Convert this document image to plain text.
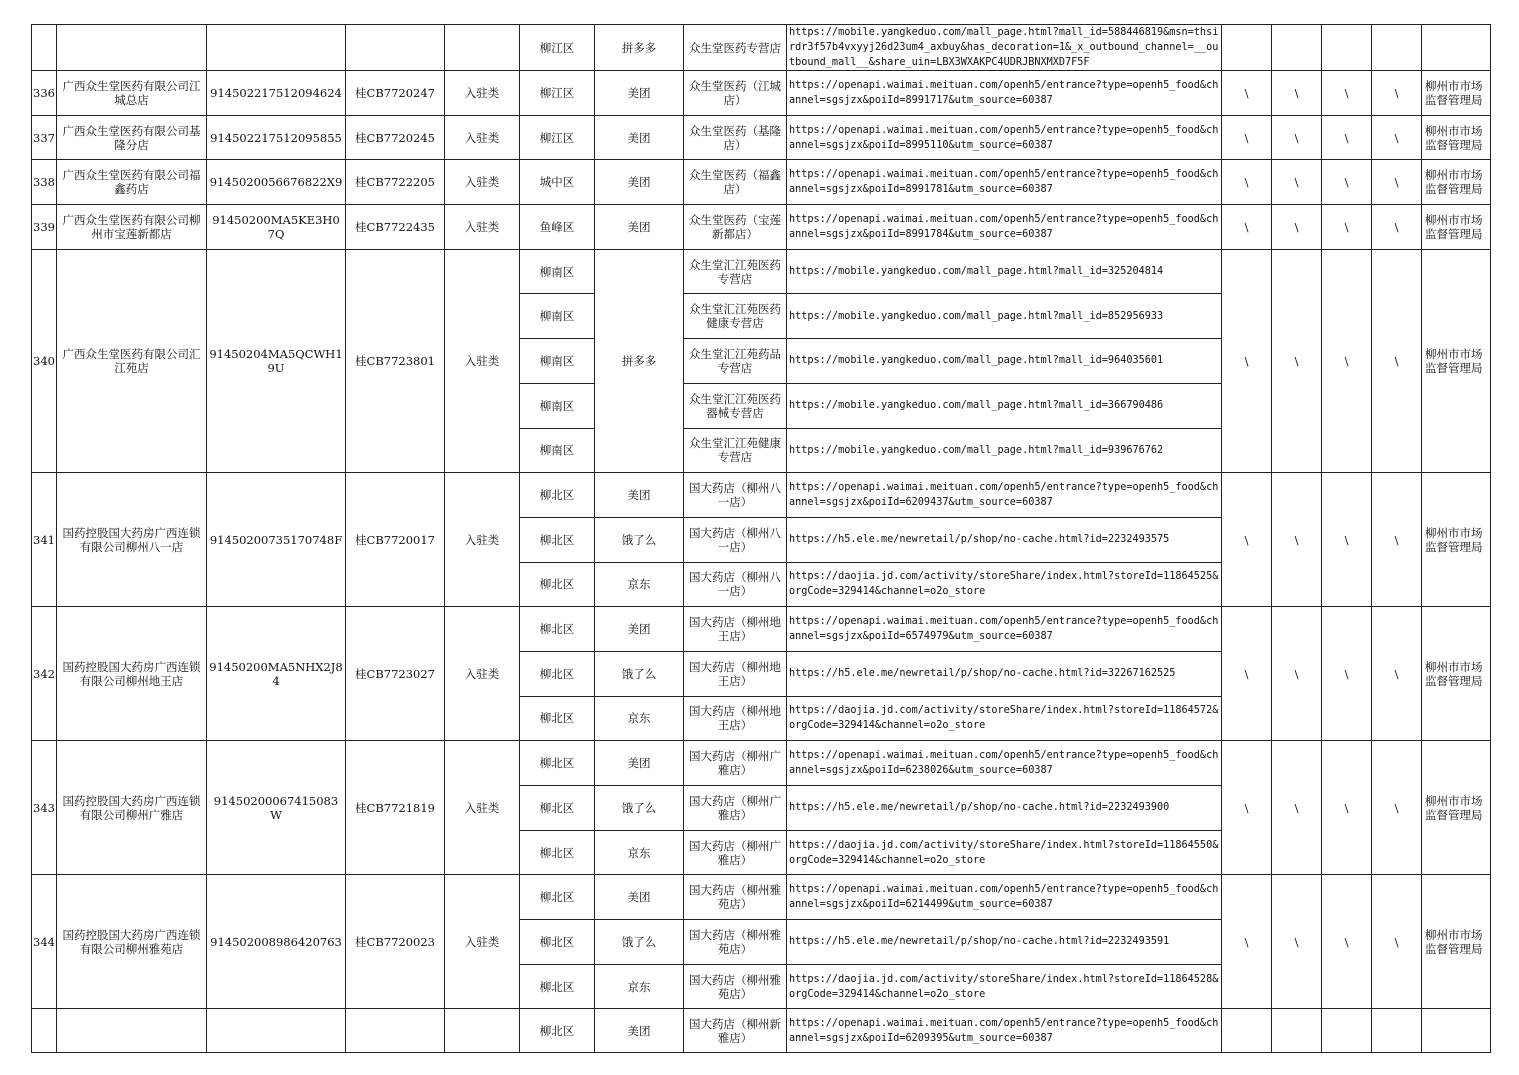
					柳江区	拼多多	众生堂医药专营店	https://mobile.yangkeduo.com/mall_page.html?mall_id=588446819&msn=thsirdr3f57b4vxyyj26d23um4_axbuy&has_decoration=1&_x_outbound_channel=__outbound_mall__&share_uin=LBX3WXAKPC4UDRJBNXMXD7F5F					
336	广西众生堂医药有限公司江城总店	914502217512094624	桂CB7720247	入驻类	柳江区	美团	众生堂医药（江城店）	https://openapi.waimai.meituan.com/openh5/entrance?type=openh5_food&channel=sgsjzx&poiId=8991717&utm_source=60387	\	\	\	\	柳州市市场监督管理局
337	广西众生堂医药有限公司基隆分店	914502217512095855	桂CB7720245	入驻类	柳江区	美团	众生堂医药（基隆店）	https://openapi.waimai.meituan.com/openh5/entrance?type=openh5_food&channel=sgsjzx&poiId=8995110&utm_source=60387	\	\	\	\	柳州市市场监督管理局
338	广西众生堂医药有限公司福鑫药店	91450200566768​22X9	桂CB7722205	入驻类	城中区	美团	众生堂医药（福鑫店）	https://openapi.waimai.meituan.com/openh5/entrance?type=openh5_food&channel=sgsjzx&poiId=8991781&utm_source=60387	\	\	\	\	柳州市市场监督管理局
339	广西众生堂医药有限公司柳州市宝莲新都店	91450200MA5KE3H07Q	桂CB7722435	入驻类	鱼峰区	美团	众生堂医药（宝莲新都店）	https://openapi.waimai.meituan.com/openh5/entrance?type=openh5_food&channel=sgsjzx&poiId=8991784&utm_source=60387	\	\	\	\	柳州市市场监督管理局
340	广西众生堂医药有限公司汇江苑店	91450204MA5QCWH19U	桂CB7723801	入驻类	柳南区	拼多多	众生堂汇江苑医药专营店	https://mobile.yangkeduo.com/mall_page.html?mall_id=325204814	\	\	\	\	柳州市市场监督管理局
					柳南区		众生堂汇江苑医药健康专营店	https://mobile.yangkeduo.com/mall_page.html?mall_id=852956933					
					柳南区		众生堂汇江苑药品专营店	https://mobile.yangkeduo.com/mall_page.html?mall_id=964035601					
					柳南区		众生堂汇江苑医药器械专营店	https://mobile.yangkeduo.com/mall_page.html?mall_id=366790486					
					柳南区		众生堂汇江苑健康专营店	https://mobile.yangkeduo.com/mall_page.html?mall_id=939676762					
341	国药控股国大药房广西连锁有限公司柳州八一店	91450200735170748F	桂CB7720017	入驻类	柳北区	美团	国大药店（柳州八一店）	https://openapi.waimai.meituan.com/openh5/entrance?type=openh5_food&channel=sgsjzx&poiId=6209437&utm_source=60387	\	\	\	\	柳州市市场监督管理局
					柳北区	饿了么	国大药店（柳州八一店）	https://h5.ele.me/newretail/p/shop/no-cache.html?id=2232493575					
					柳北区	京东	国大药店（柳州八一店）	https://daojia.jd.com/activity/storeShare/index.html?storeId=11864525&orgCode=329414&channel=o2o_store					
342	国药控股国大药房广西连锁有限公司柳州地王店	91450200MA5NHX2J84	桂CB7723027	入驻类	柳北区	美团	国大药店（柳州地王店）	https://openapi.waimai.meituan.com/openh5/entrance?type=openh5_food&channel=sgsjzx&poiId=6574979&utm_source=60387	\	\	\	\	柳州市市场监督管理局
					柳北区	饿了么	国大药店（柳州地王店）	https://h5.ele.me/newretail/p/shop/no-cache.html?id=32267162525					
					柳北区	京东	国大药店（柳州地王店）	https://daojia.jd.com/activity/storeShare/index.html?storeId=11864572&orgCode=329414&channel=o2o_store					
343	国药控股国大药房广西连锁有限公司柳州广雅店	91450200067415083W	桂CB7721819	入驻类	柳北区	美团	国大药店（柳州广雅店）	https://openapi.waimai.meituan.com/openh5/entrance?type=openh5_food&channel=sgsjzx&poiId=6238026&utm_source=60387	\	\	\	\	柳州市市场监督管理局
					柳北区	饿了么	国大药店（柳州广雅店）	https://h5.ele.me/newretail/p/shop/no-cache.html?id=2232493900					
					柳北区	京东	国大药店（柳州广雅店）	https://daojia.jd.com/activity/storeShare/index.html?storeId=11864550&orgCode=329414&channel=o2o_store					
344	国药控股国大药房广西连锁有限公司柳州雅苑店	914502008986420763	桂CB7720023	入驻类	柳北区	美团	国大药店（柳州雅苑店）	https://openapi.waimai.meituan.com/openh5/entrance?type=openh5_food&channel=sgsjzx&poiId=6214499&utm_source=60387	\	\	\	\	柳州市市场监督管理局
					柳北区	饿了么	国大药店（柳州雅苑店）	https://h5.ele.me/newretail/p/shop/no-cache.html?id=2232493591					
					柳北区	京东	国大药店（柳州雅苑店）	https://daojia.jd.com/activity/storeShare/index.html?storeId=11864528&orgCode=329414&channel=o2o_store					
					柳北区	美团	国大药店（柳州新雅店）	https://openapi.waimai.meituan.com/openh5/entrance?type=openh5_food&channel=sgsjzx&poiId=6209395&utm_source=60387					
